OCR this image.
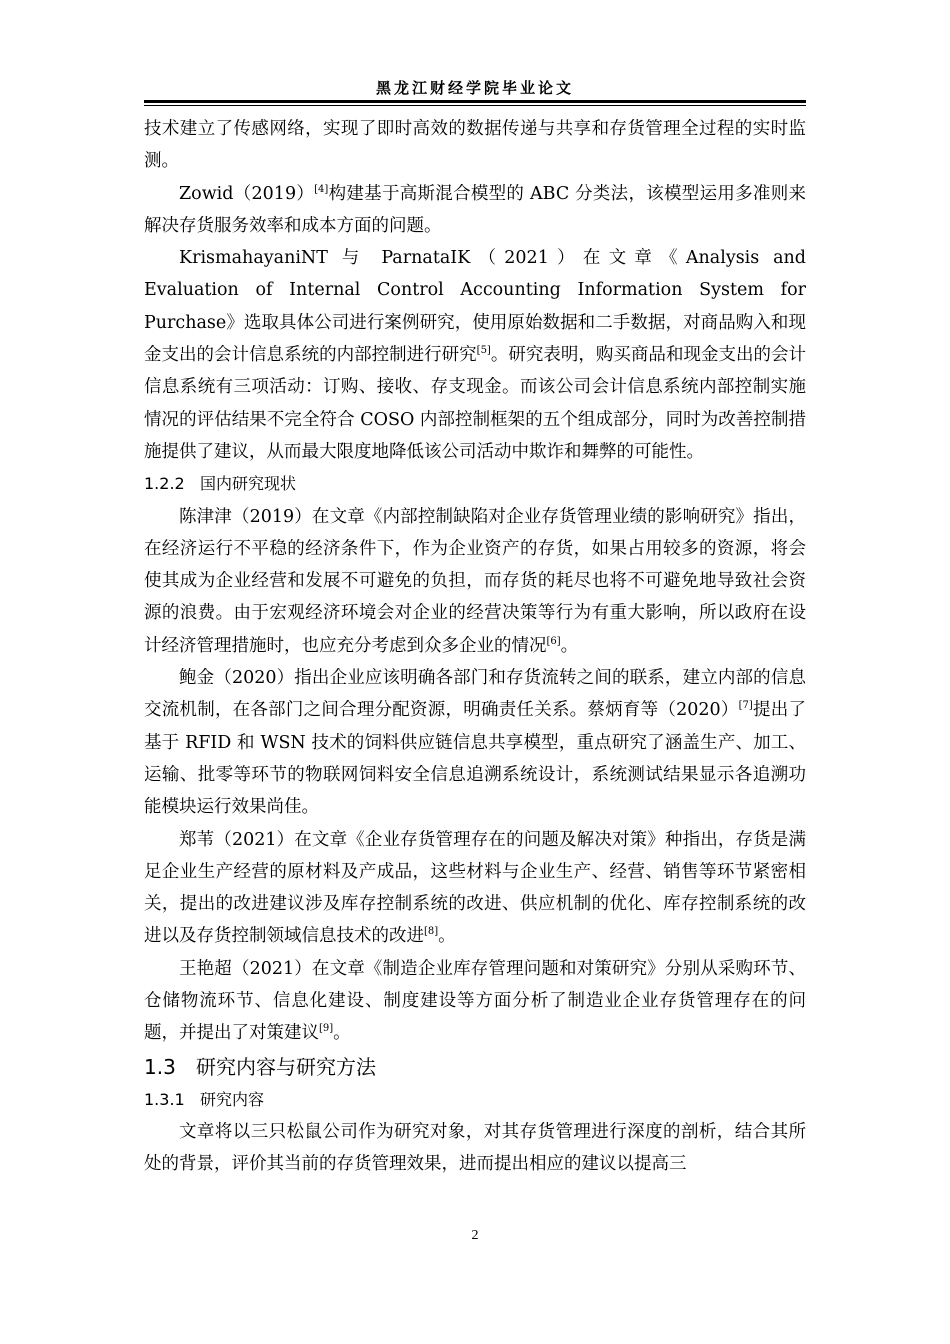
黑龙江财经学院毕业论文

技术建立了传感网络，实现了即时高效的数据传递与共享和存货管理全过程的实时监测。

Zowid（2019）[4]构建基于高斯混合模型的 ABC 分类法，该模型运用多准则来解决存货服务效率和成本方面的问题。

KrismahayaniNT 与 ParnataIK（2021）在文章《Analysis and Evaluation of Internal Control Accounting Information System for Purchase》选取具体公司进行案例研究，使用原始数据和二手数据，对商品购入和现金支出的会计信息系统的内部控制进行研究[5]。研究表明，购买商品和现金支出的会计信息系统有三项活动：订购、接收、存支现金。而该公司会计信息系统内部控制实施情况的评估结果不完全符合 COSO 内部控制框架的五个组成部分，同时为改善控制措施提供了建议，从而最大限度地降低该公司活动中欺诈和舞弊的可能性。

1.2.2 国内研究现状

陈津津（2019）在文章《内部控制缺陷对企业存货管理业绩的影响研究》指出，在经济运行不平稳的经济条件下，作为企业资产的存货，如果占用较多的资源，将会使其成为企业经营和发展不可避免的负担，而存货的耗尽也将不可避免地导致社会资源的浪费。由于宏观经济环境会对企业的经营决策等行为有重大影响，所以政府在设计经济管理措施时，也应充分考虑到众多企业的情况[6]。

鲍金（2020）指出企业应该明确各部门和存货流转之间的联系，建立内部的信息交流机制，在各部门之间合理分配资源，明确责任关系。蔡炳育等（2020）[7]提出了基于 RFID 和 WSN 技术的饲料供应链信息共享模型，重点研究了涵盖生产、加工、运输、批零等环节的物联网饲料安全信息追溯系统设计，系统测试结果显示各追溯功能模块运行效果尚佳。

郑苇（2021）在文章《企业存货管理存在的问题及解决对策》种指出，存货是满足企业生产经营的原材料及产成品，这些材料与企业生产、经营、销售等环节紧密相关，提出的改进建议涉及库存控制系统的改进、供应机制的优化、库存控制系统的改进以及存货控制领域信息技术的改进[8]。

王艳超（2021）在文章《制造企业库存管理问题和对策研究》分别从采购环节、仓储物流环节、信息化建设、制度建设等方面分析了制造业企业存货管理存在的问题，并提出了对策建议[9]。

1.3 研究内容与研究方法

1.3.1 研究内容

文章将以三只松鼠公司作为研究对象，对其存货管理进行深度的剖析，结合其所处的背景，评价其当前的存货管理效果，进而提出相应的建议以提高三

2
